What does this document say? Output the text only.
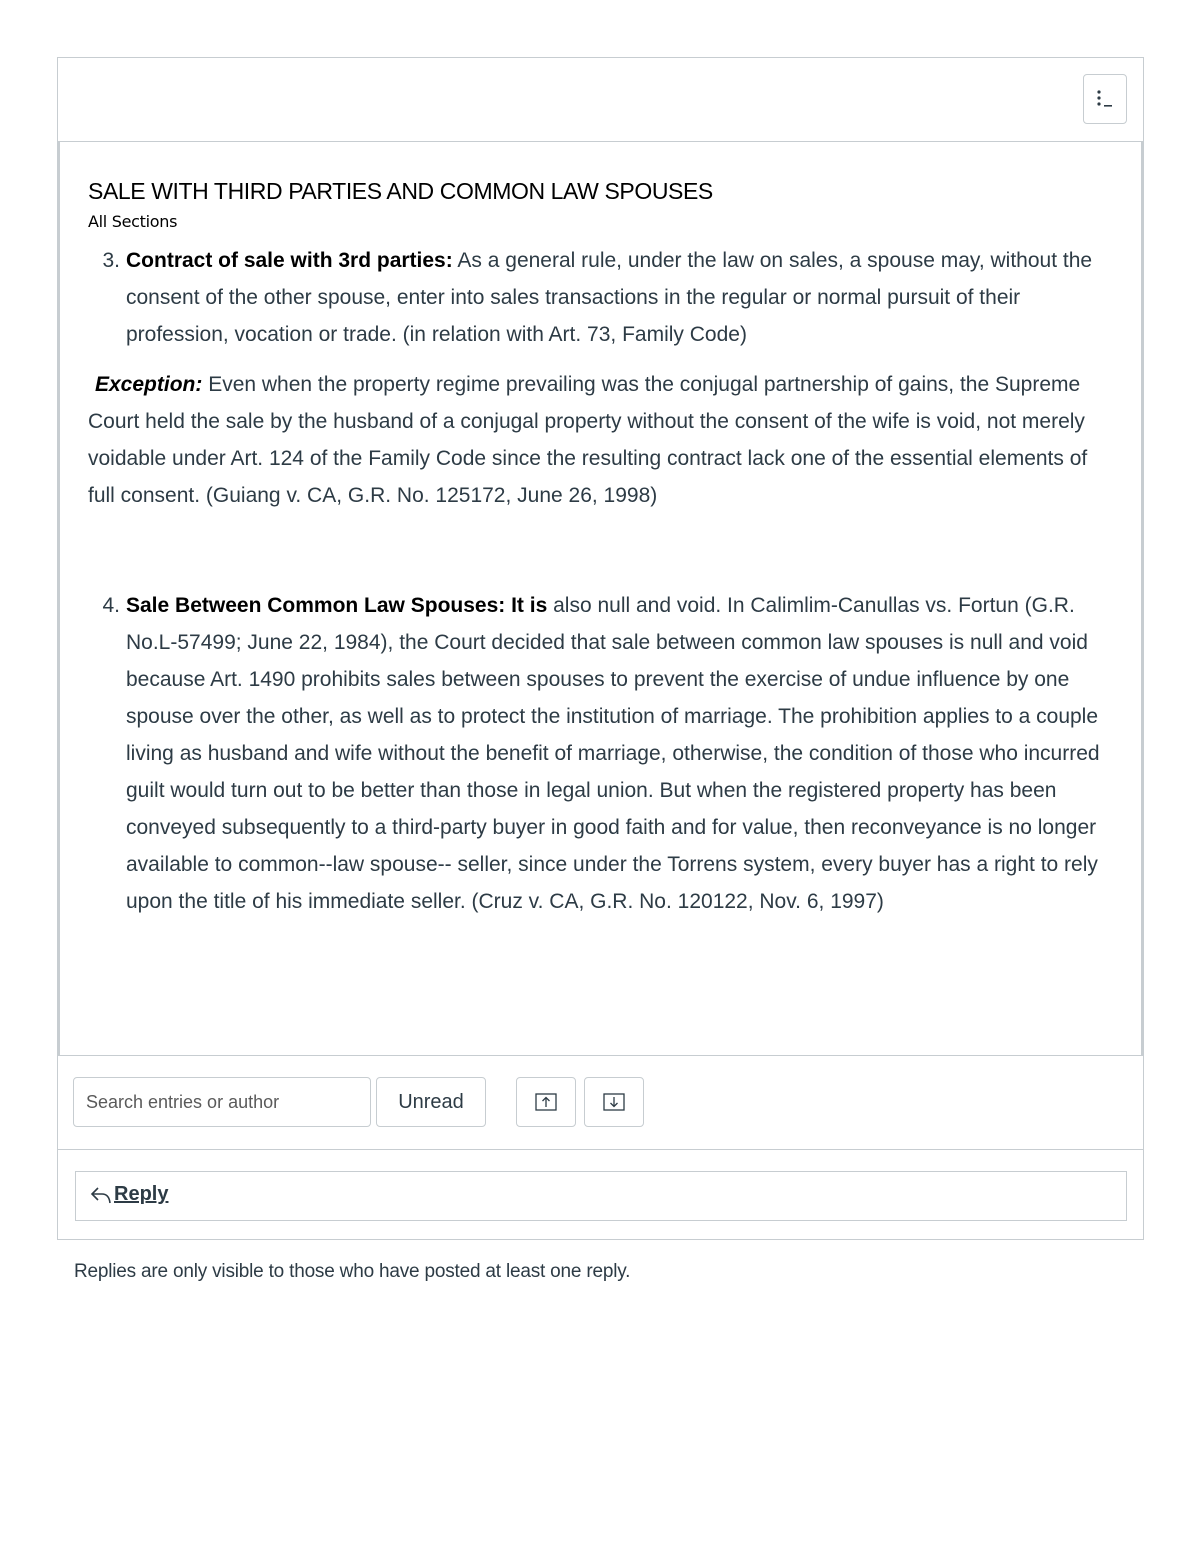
SALE WITH THIRD PARTIES AND COMMON LAW SPOUSES
All Sections
3. Contract of sale with 3rd parties: As a general rule, under the law on sales, a spouse may, without the consent of the other spouse, enter into sales transactions in the regular or normal pursuit of their profession, vocation or trade. (in relation with Art. 73, Family Code)
Exception: Even when the property regime prevailing was the conjugal partnership of gains, the Supreme Court held the sale by the husband of a conjugal property without the consent of the wife is void, not merely voidable under Art. 124 of the Family Code since the resulting contract lack one of the essential elements of full consent. (Guiang v. CA, G.R. No. 125172, June 26, 1998)
4. Sale Between Common Law Spouses: It is also null and void. In Calimlim-Canullas vs. Fortun (G.R. No.L-57499; June 22, 1984), the Court decided that sale between common law spouses is null and void because Art. 1490 prohibits sales between spouses to prevent the exercise of undue influence by one spouse over the other, as well as to protect the institution of marriage. The prohibition applies to a couple living as husband and wife without the benefit of marriage, otherwise, the condition of those who incurred guilt would turn out to be better than those in legal union. But when the registered property has been conveyed subsequently to a third-party buyer in good faith and for value, then reconveyance is no longer available to common--law spouse-- seller, since under the Torrens system, every buyer has a right to rely upon the title of his immediate seller. (Cruz v. CA, G.R. No. 120122, Nov. 6, 1997)
Search entries or author
Unread
Reply
Replies are only visible to those who have posted at least one reply.
